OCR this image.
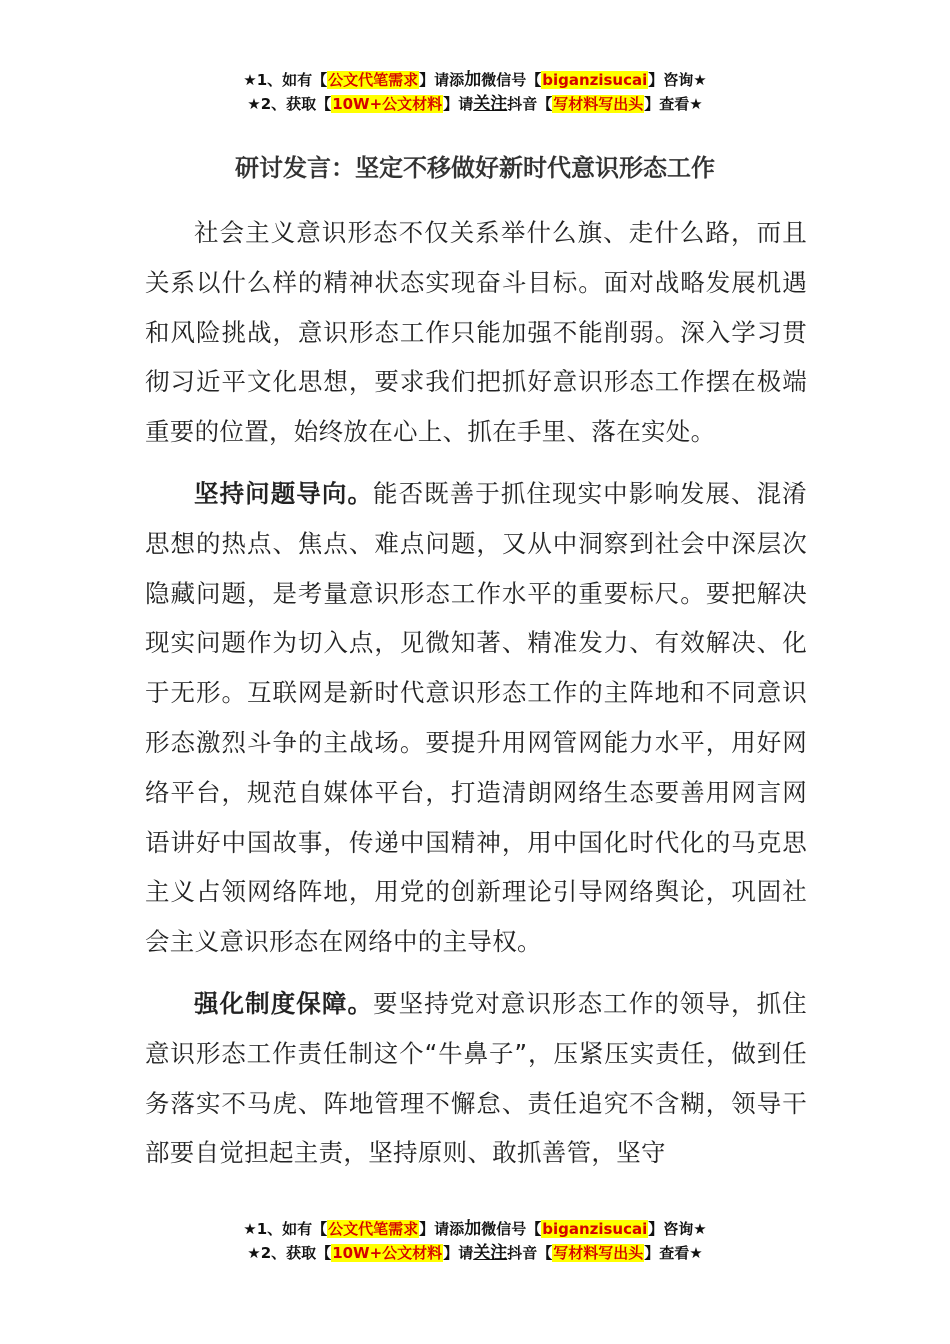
★1、如有【公文代笔需求】请添加微信号【biganzisucai】咨询★
★2、获取【10W+公文材料】请关注抖音【写材料写出头】查看★
研讨发言：坚定不移做好新时代意识形态工作

社会主义意识形态不仅关系举什么旗、走什么路，而且关系以什么样的精神状态实现奋斗目标。面对战略发展机遇和风险挑战，意识形态工作只能加强不能削弱。深入学习贯彻习近平文化思想，要求我们把抓好意识形态工作摆在极端重要的位置，始终放在心上、抓在手里、落在实处。

坚持问题导向。能否既善于抓住现实中影响发展、混淆思想的热点、焦点、难点问题，又从中洞察到社会中深层次隐藏问题，是考量意识形态工作水平的重要标尺。要把解决现实问题作为切入点，见微知著、精准发力、有效解决、化于无形。互联网是新时代意识形态工作的主阵地和不同意识形态激烈斗争的主战场。要提升用网管网能力水平，用好网络平台，规范自媒体平台，打造清朗网络生态要善用网言网语讲好中国故事，传递中国精神，用中国化时代化的马克思主义占领网络阵地，用党的创新理论引导网络舆论，巩固社会主义意识形态在网络中的主导权。

强化制度保障。要坚持党对意识形态工作的领导，抓住意识形态工作责任制这个“牛鼻子”，压紧压实责任，做到任务落实不马虎、阵地管理不懈怠、责任追究不含糊，领导干部要自觉担起主责，坚持原则、敢抓善管，坚守

★1、如有【公文代笔需求】请添加微信号【biganzisucai】咨询★
★2、获取【10W+公文材料】请关注抖音【写材料写出头】查看★
